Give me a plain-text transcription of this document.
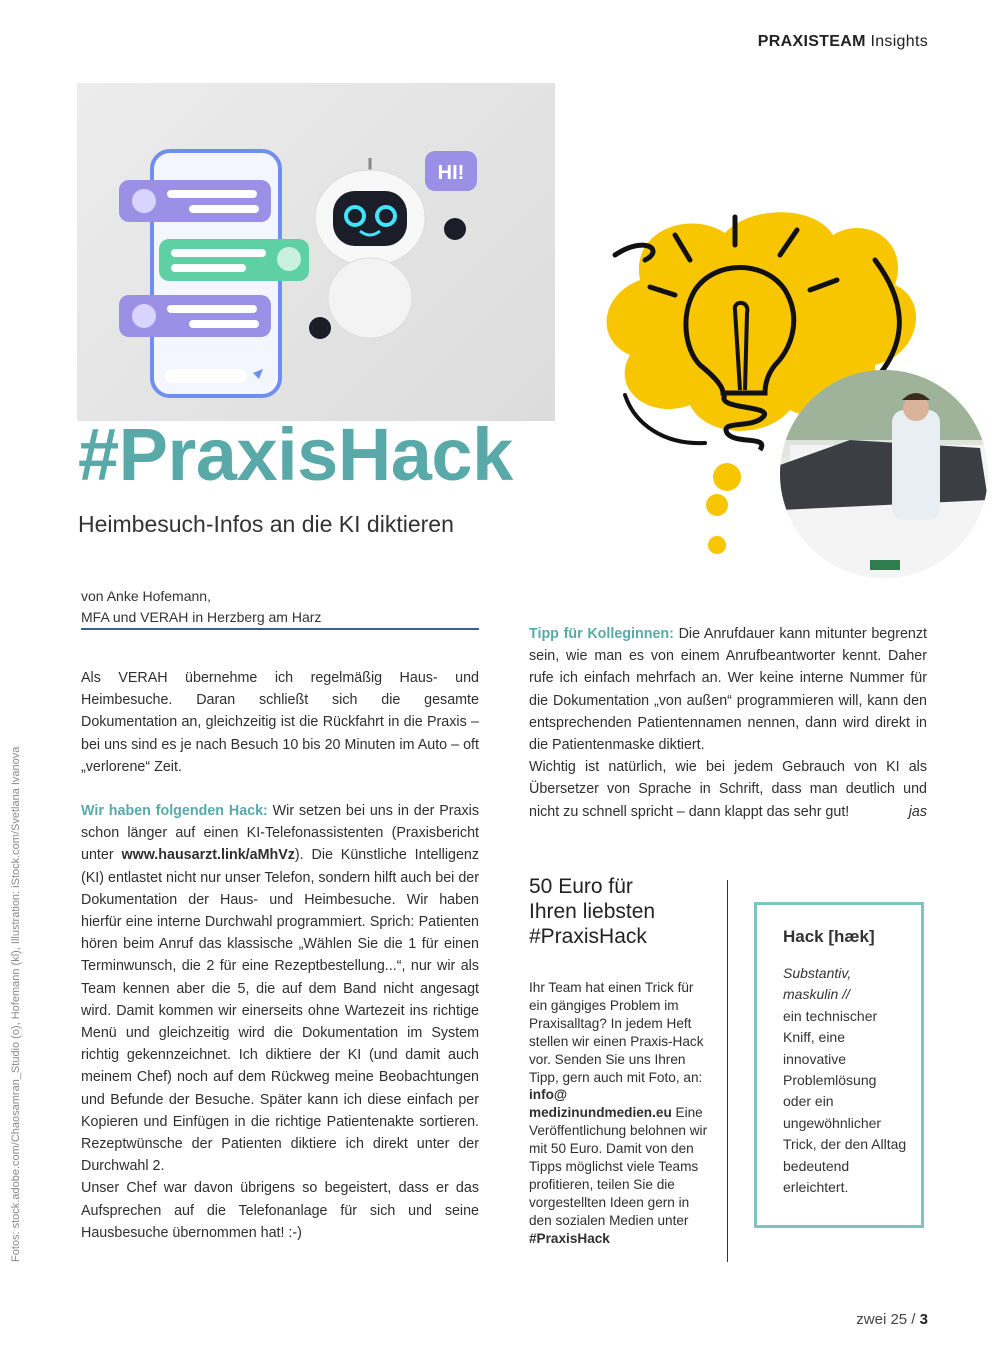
PRAXISTEAM Insights
HI!
#PraxisHack
Heimbesuch-Infos an die KI diktieren
von Anke Hofemann,
MFA und VERAH in Herzberg am Harz

Als VERAH übernehme ich regelmäßig Haus- und Heimbesuche. Daran schließt sich die gesamte Dokumentation an, gleichzeitig ist die Rückfahrt in die Praxis – bei uns sind es je nach Besuch 10 bis 20 Minuten im Auto – oft „verlorene“ Zeit.

Wir haben folgenden Hack: Wir setzen bei uns in der Praxis schon länger auf einen KI-Telefonassistenten (Praxisbericht unter www.hausarzt.link/aMhVz). Die Künstliche Intelligenz (KI) entlastet nicht nur unser Telefon, sondern hilft auch bei der Dokumentation der Haus- und Heimbesuche. Wir haben hierfür eine interne Durchwahl programmiert. Sprich: Patienten hören beim Anruf das klassische „Wählen Sie die 1 für einen Terminwunsch, die 2 für eine Rezeptbestellung...“, nur wir als Team kennen aber die 5, die auf dem Band nicht angesagt wird. Damit kommen wir einerseits ohne Wartezeit ins richtige Menü und gleichzeitig wird die Dokumentation im System richtig gekennzeichnet. Ich diktiere der KI (und damit auch meinem Chef) noch auf dem Rückweg meine Beobachtungen und Befunde der Besuche. Später kann ich diese einfach per Kopieren und Einfügen in die richtige Patientenakte sortieren. Rezeptwünsche der Patienten diktiere ich direkt unter der Durchwahl 2.

Unser Chef war davon übrigens so begeistert, dass er das Aufsprechen auf die Telefonanlage für sich und seine Hausbesuche übernommen hat! :-)

Tipp für Kolleginnen: Die Anrufdauer kann mitunter begrenzt sein, wie man es von einem Anrufbeantworter kennt. Daher rufe ich einfach mehrfach an. Wer keine interne Nummer für die Dokumentation „von außen“ programmieren will, kann den entsprechenden Patientennamen nennen, dann wird direkt in die Patientenmaske diktiert.

Wichtig ist natürlich, wie bei jedem Gebrauch von KI als Übersetzer von Sprache in Schrift, dass man deutlich und nicht zu schnell spricht – dann klappt das sehr gut!	jas

50 Euro für
Ihren liebsten
#PraxisHack
Ihr Team hat einen Trick für ein gängiges Problem im Praxisalltag? In jedem Heft stellen wir einen Praxis-Hack vor. Senden Sie uns Ihren Tipp, gern auch mit Foto, an: info@ medizinundmedien.eu Eine Veröffentlichung belohnen wir mit 50 Euro. Damit von den Tipps möglichst viele Teams profitieren, teilen Sie die vorgestellten Ideen gern in den sozialen Medien unter #PraxisHack
Hack [hæk]
Substantiv,
maskulin //
ein technischer Kniff, eine innovative Problemlösung oder ein ungewöhnlicher Trick, der den Alltag bedeutend erleichtert.
Fotos: stock.adobe.com/Chaosamran_Studio (o), Hofemann (kl), Illustration: iStock.com/Svetlana Ivanova
zwei 25 / 3
